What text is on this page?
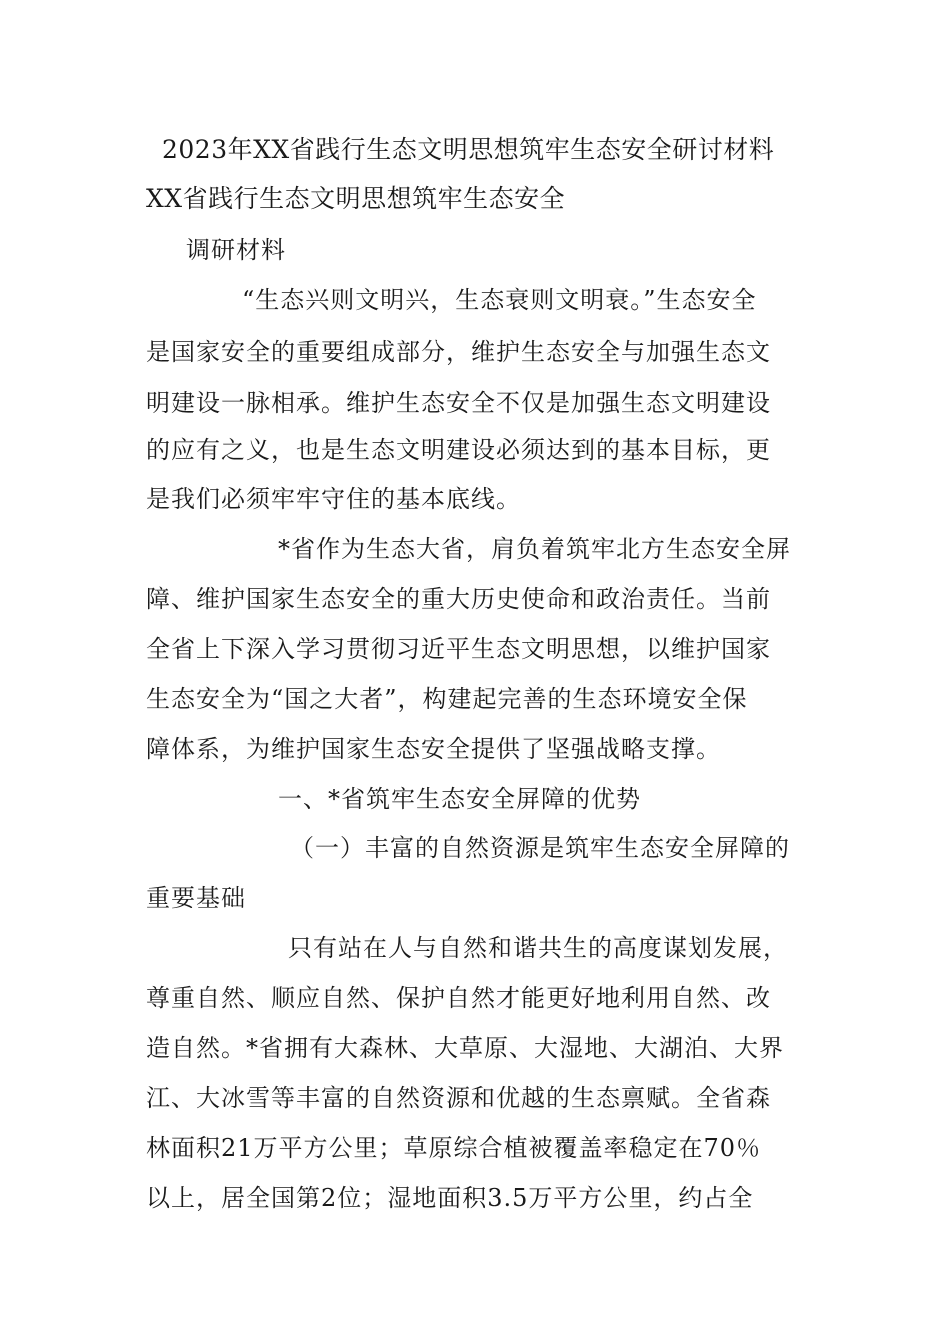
2023年XX省践行生态文明思想筑牢生态安全研讨材料
XX省践行生态文明思想筑牢生态安全
调研材料
“生态兴则文明兴，生态衰则文明衰。”生态安全
是国家安全的重要组成部分，维护生态安全与加强生态文
明建设一脉相承。维护生态安全不仅是加强生态文明建设
的应有之义，也是生态文明建设必须达到的基本目标，更
是我们必须牢牢守住的基本底线。
*省作为生态大省，肩负着筑牢北方生态安全屏
障、维护国家生态安全的重大历史使命和政治责任。当前
全省上下深入学习贯彻习近平生态文明思想，以维护国家
生态安全为“国之大者”，构建起完善的生态环境安全保
障体系，为维护国家生态安全提供了坚强战略支撑。
一、*省筑牢生态安全屏障的优势
（一）丰富的自然资源是筑牢生态安全屏障的
重要基础
只有站在人与自然和谐共生的高度谋划发展，
尊重自然、顺应自然、保护自然才能更好地利用自然、改
造自然。*省拥有大森林、大草原、大湿地、大湖泊、大界
江、大冰雪等丰富的自然资源和优越的生态禀赋。全省森
林面积21万平方公里；草原综合植被覆盖率稳定在70％
以上，居全国第2位；湿地面积3.5万平方公里，约占全
